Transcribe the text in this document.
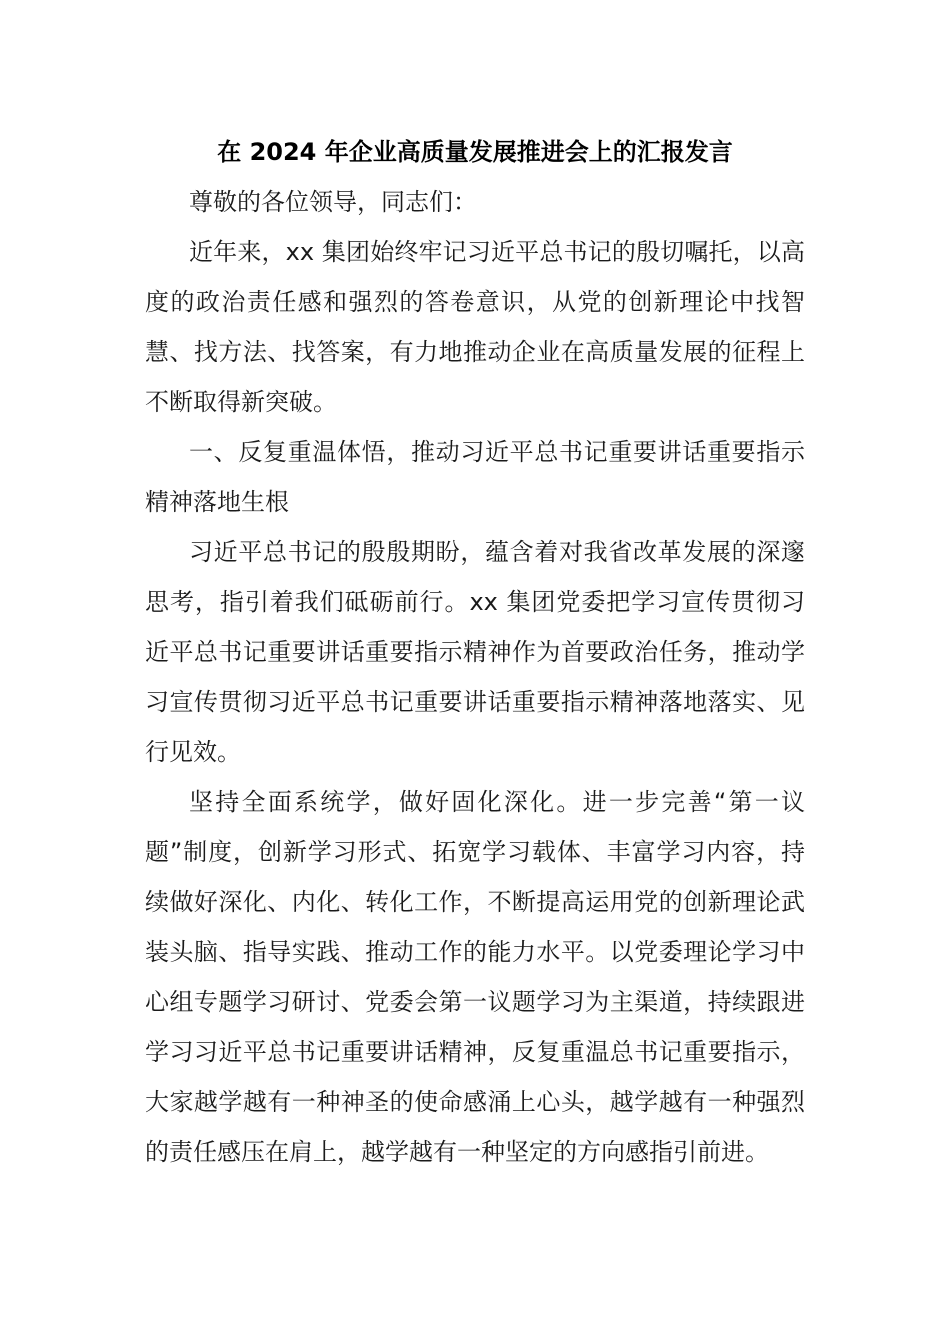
在 2024 年企业高质量发展推进会上的汇报发言

尊敬的各位领导，同志们：

近年来，xx 集团始终牢记习近平总书记的殷切嘱托，以高度的政治责任感和强烈的答卷意识，从党的创新理论中找智慧、找方法、找答案，有力地推动企业在高质量发展的征程上不断取得新突破。

一、反复重温体悟，推动习近平总书记重要讲话重要指示精神落地生根

习近平总书记的殷殷期盼，蕴含着对我省改革发展的深邃思考，指引着我们砥砺前行。xx 集团党委把学习宣传贯彻习近平总书记重要讲话重要指示精神作为首要政治任务，推动学习宣传贯彻习近平总书记重要讲话重要指示精神落地落实、见行见效。

坚持全面系统学，做好固化深化。进一步完善“第一议题”制度，创新学习形式、拓宽学习载体、丰富学习内容，持续做好深化、内化、转化工作，不断提高运用党的创新理论武装头脑、指导实践、推动工作的能力水平。以党委理论学习中心组专题学习研讨、党委会第一议题学习为主渠道，持续跟进学习习近平总书记重要讲话精神，反复重温总书记重要指示，大家越学越有一种神圣的使命感涌上心头，越学越有一种强烈的责任感压在肩上，越学越有一种坚定的方向感指引前进。
